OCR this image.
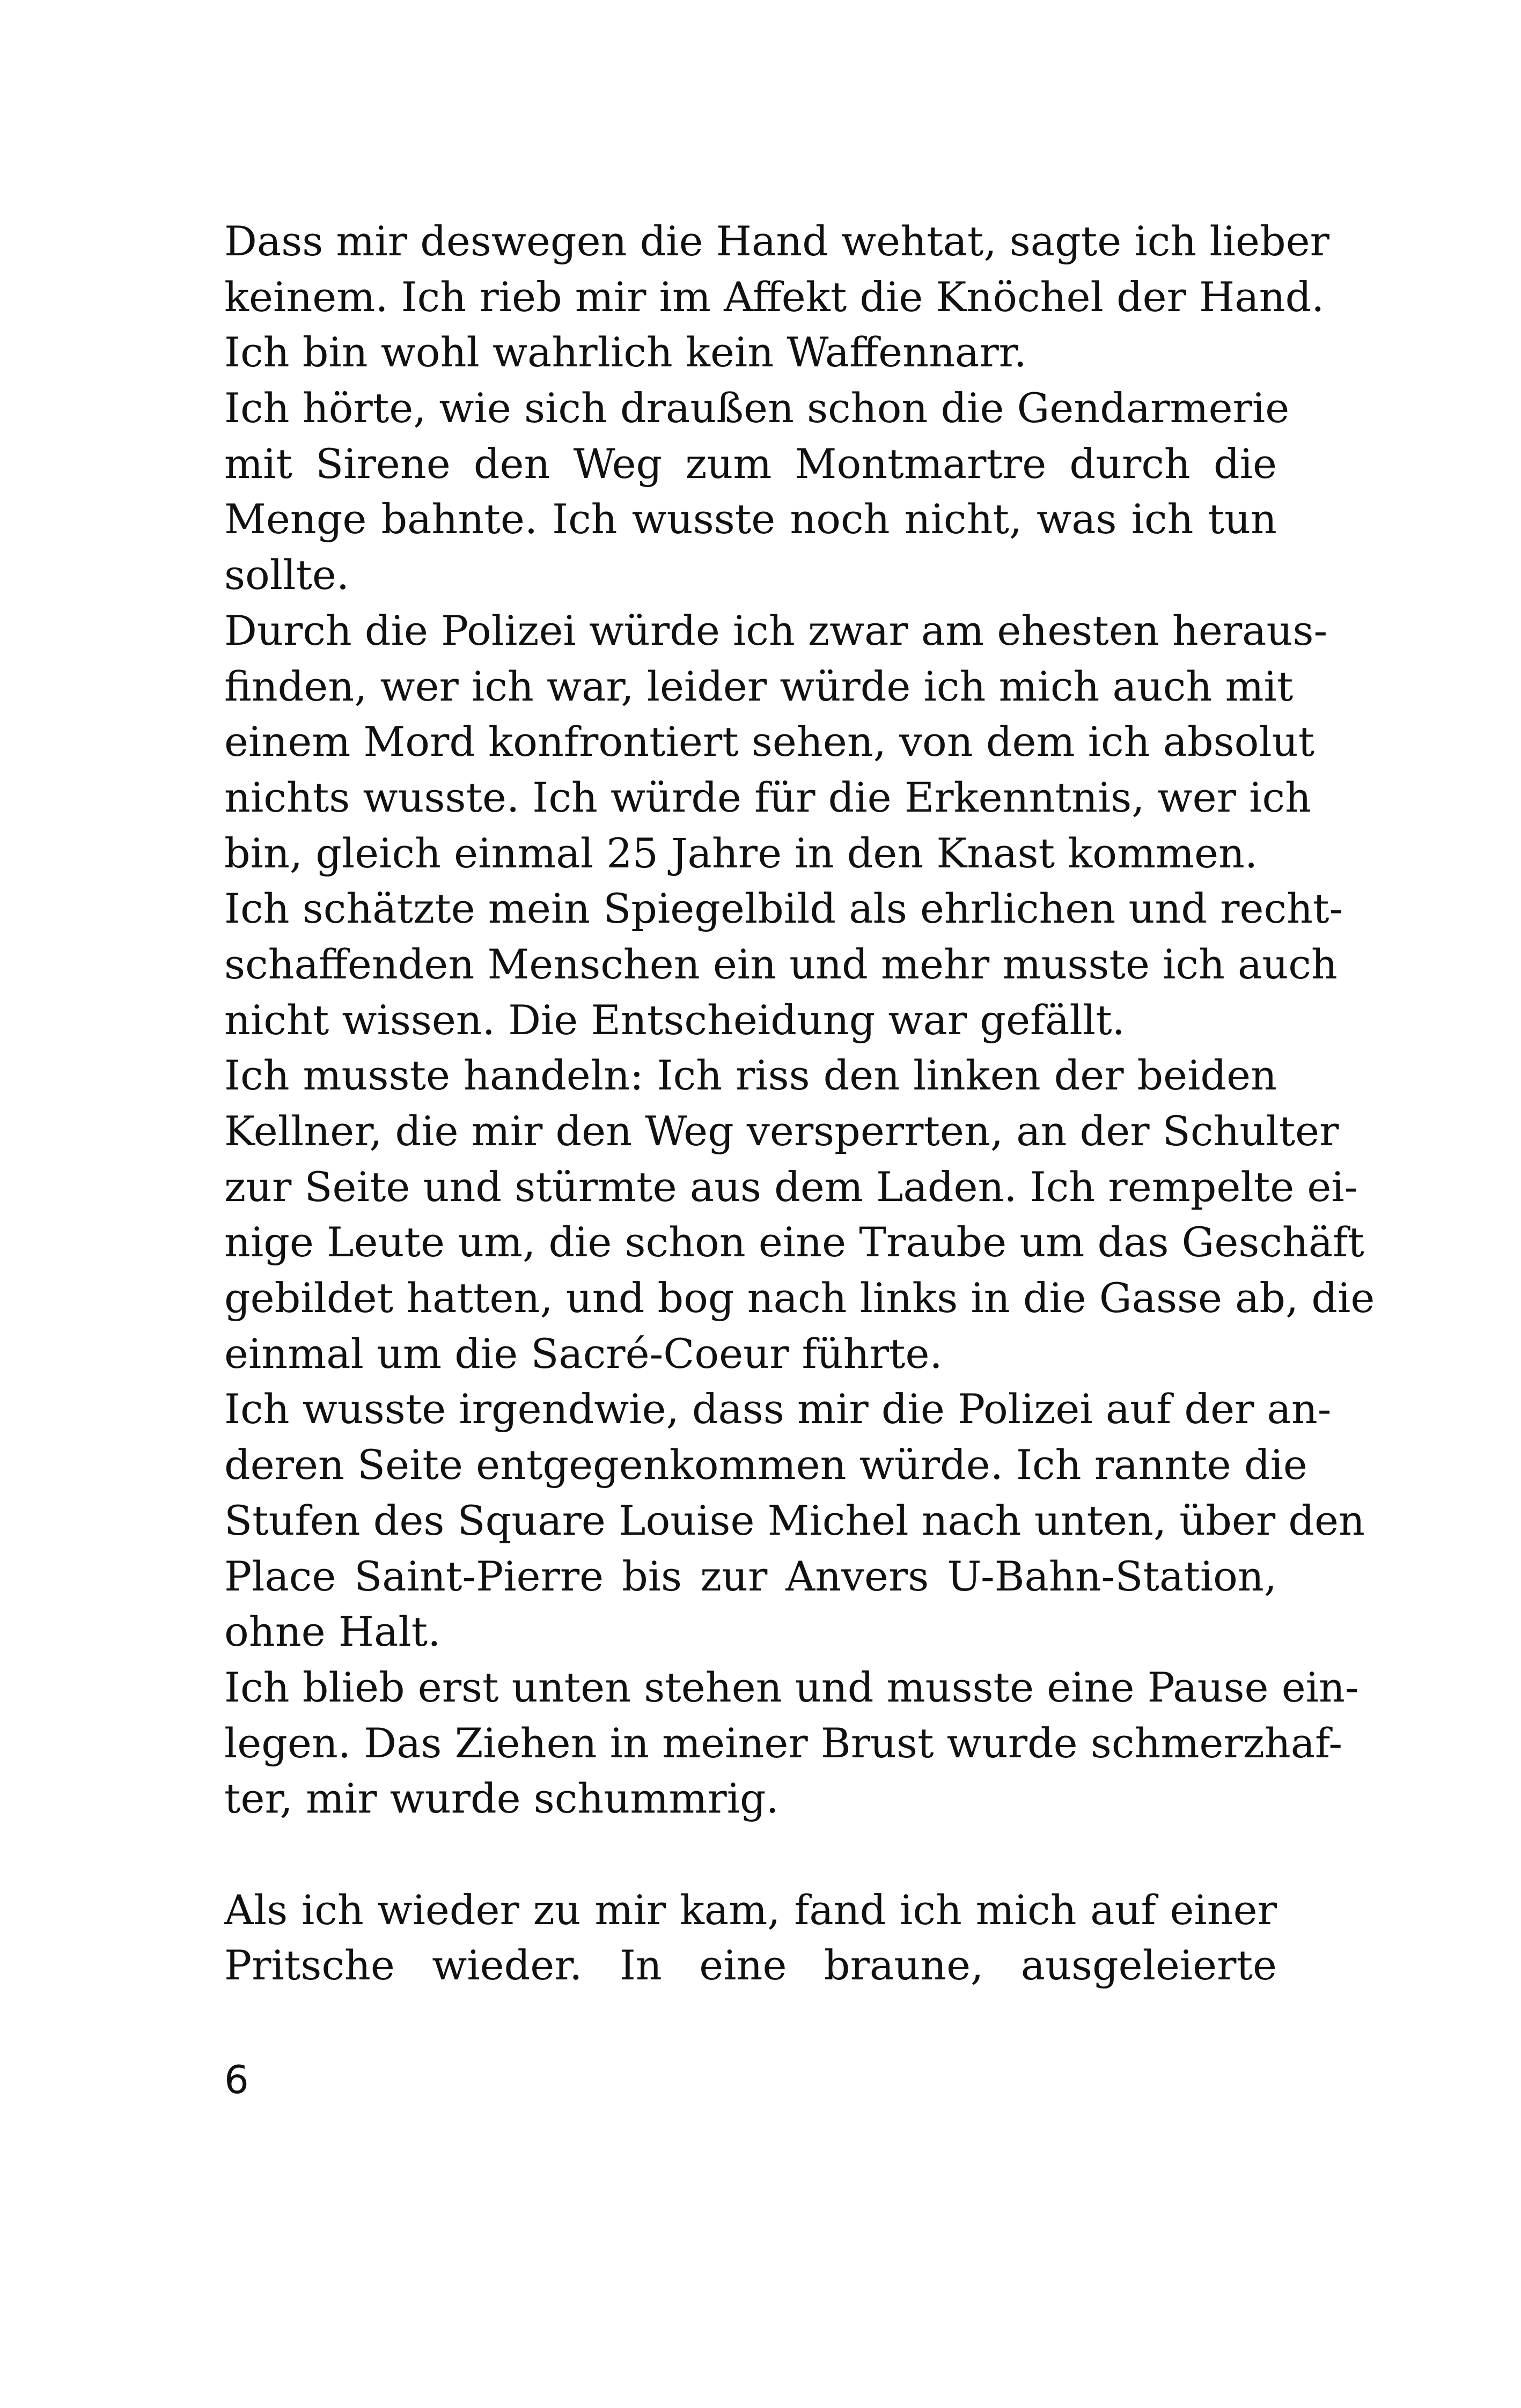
Dass mir deswegen die Hand wehtat, sagte ich lieber
keinem. Ich rieb mir im Affekt die Knöchel der Hand.
Ich bin wohl wahrlich kein Waffennarr.

Ich hörte, wie sich draußen schon die Gendarmerie
mit Sirene den Weg zum Montmartre durch die
Menge bahnte. Ich wusste noch nicht, was ich tun
sollte.

Durch die Polizei würde ich zwar am ehesten heraus-
finden, wer ich war, leider würde ich mich auch mit
einem Mord konfrontiert sehen, von dem ich absolut
nichts wusste. Ich würde für die Erkenntnis, wer ich
bin, gleich einmal 25 Jahre in den Knast kommen.

Ich schätzte mein Spiegelbild als ehrlichen und recht-
schaffenden Menschen ein und mehr musste ich auch
nicht wissen. Die Entscheidung war gefällt.

Ich musste handeln: Ich riss den linken der beiden
Kellner, die mir den Weg versperrten, an der Schulter
zur Seite und stürmte aus dem Laden. Ich rempelte ei-
nige Leute um, die schon eine Traube um das Geschäft
gebildet hatten, und bog nach links in die Gasse ab, die
einmal um die Sacré-Coeur führte.

Ich wusste irgendwie, dass mir die Polizei auf der an-
deren Seite entgegenkommen würde. Ich rannte die
Stufen des Square Louise Michel nach unten, über den
Place Saint-Pierre bis zur Anvers U-Bahn-Station,
ohne Halt.

Ich blieb erst unten stehen und musste eine Pause ein-
legen. Das Ziehen in meiner Brust wurde schmerzhaf-
ter, mir wurde schummrig.

Als ich wieder zu mir kam, fand ich mich auf einer
Pritsche wieder. In eine braune, ausgeleierte

6
